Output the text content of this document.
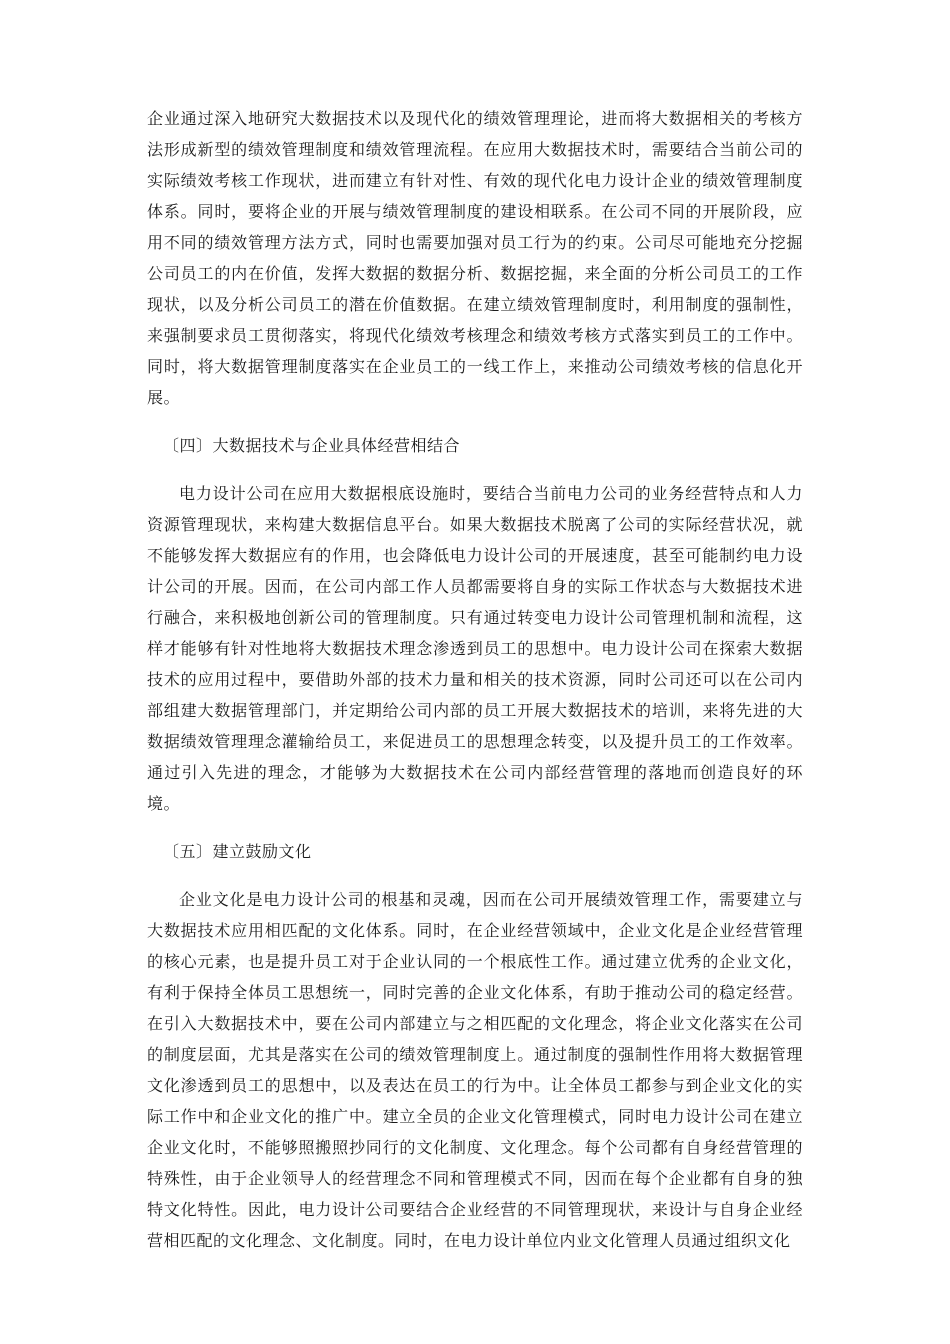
企业通过深入地研究大数据技术以及现代化的绩效管理理论，进而将大数据相关的考核方法形成新型的绩效管理制度和绩效管理流程。在应用大数据技术时，需要结合当前公司的实际绩效考核工作现状，进而建立有针对性、有效的现代化电力设计企业的绩效管理制度体系。同时，要将企业的开展与绩效管理制度的建设相联系。在公司不同的开展阶段，应用不同的绩效管理方法方式，同时也需要加强对员工行为的约束。公司尽可能地充分挖掘公司员工的内在价值，发挥大数据的数据分析、数据挖掘，来全面的分析公司员工的工作现状，以及分析公司员工的潜在价值数据。在建立绩效管理制度时，利用制度的强制性，来强制要求员工贯彻落实，将现代化绩效考核理念和绩效考核方式落实到员工的工作中。同时，将大数据管理制度落实在企业员工的一线工作上，来推动公司绩效考核的信息化开展。

〔四〕大数据技术与企业具体经营相结合

电力设计公司在应用大数据根底设施时，要结合当前电力公司的业务经营特点和人力资源管理现状，来构建大数据信息平台。如果大数据技术脱离了公司的实际经营状况，就不能够发挥大数据应有的作用，也会降低电力设计公司的开展速度，甚至可能制约电力设计公司的开展。因而，在公司内部工作人员都需要将自身的实际工作状态与大数据技术进行融合，来积极地创新公司的管理制度。只有通过转变电力设计公司管理机制和流程，这样才能够有针对性地将大数据技术理念渗透到员工的思想中。电力设计公司在探索大数据技术的应用过程中，要借助外部的技术力量和相关的技术资源，同时公司还可以在公司内部组建大数据管理部门，并定期给公司内部的员工开展大数据技术的培训，来将先进的大数据绩效管理理念灌输给员工，来促进员工的思想理念转变，以及提升员工的工作效率。通过引入先进的理念，才能够为大数据技术在公司内部经营管理的落地而创造良好的环境。

〔五〕建立鼓励文化

企业文化是电力设计公司的根基和灵魂，因而在公司开展绩效管理工作，需要建立与大数据技术应用相匹配的文化体系。同时，在企业经营领域中，企业文化是企业经营管理的核心元素，也是提升员工对于企业认同的一个根底性工作。通过建立优秀的企业文化，有利于保持全体员工思想统一，同时完善的企业文化体系，有助于推动公司的稳定经营。在引入大数据技术中，要在公司内部建立与之相匹配的文化理念，将企业文化落实在公司的制度层面，尤其是落实在公司的绩效管理制度上。通过制度的强制性作用将大数据管理文化渗透到员工的思想中，以及表达在员工的行为中。让全体员工都参与到企业文化的实际工作中和企业文化的推广中。建立全员的企业文化管理模式，同时电力设计公司在建立企业文化时，不能够照搬照抄同行的文化制度、文化理念。每个公司都有自身经营管理的特殊性，由于企业领导人的经营理念不同和管理模式不同，因而在每个企业都有自身的独特文化特性。因此，电力设计公司要结合企业经营的不同管理现状，来设计与自身企业经营相匹配的文化理念、文化制度。同时，在电力设计单位内业文化管理人员通过组织文化
